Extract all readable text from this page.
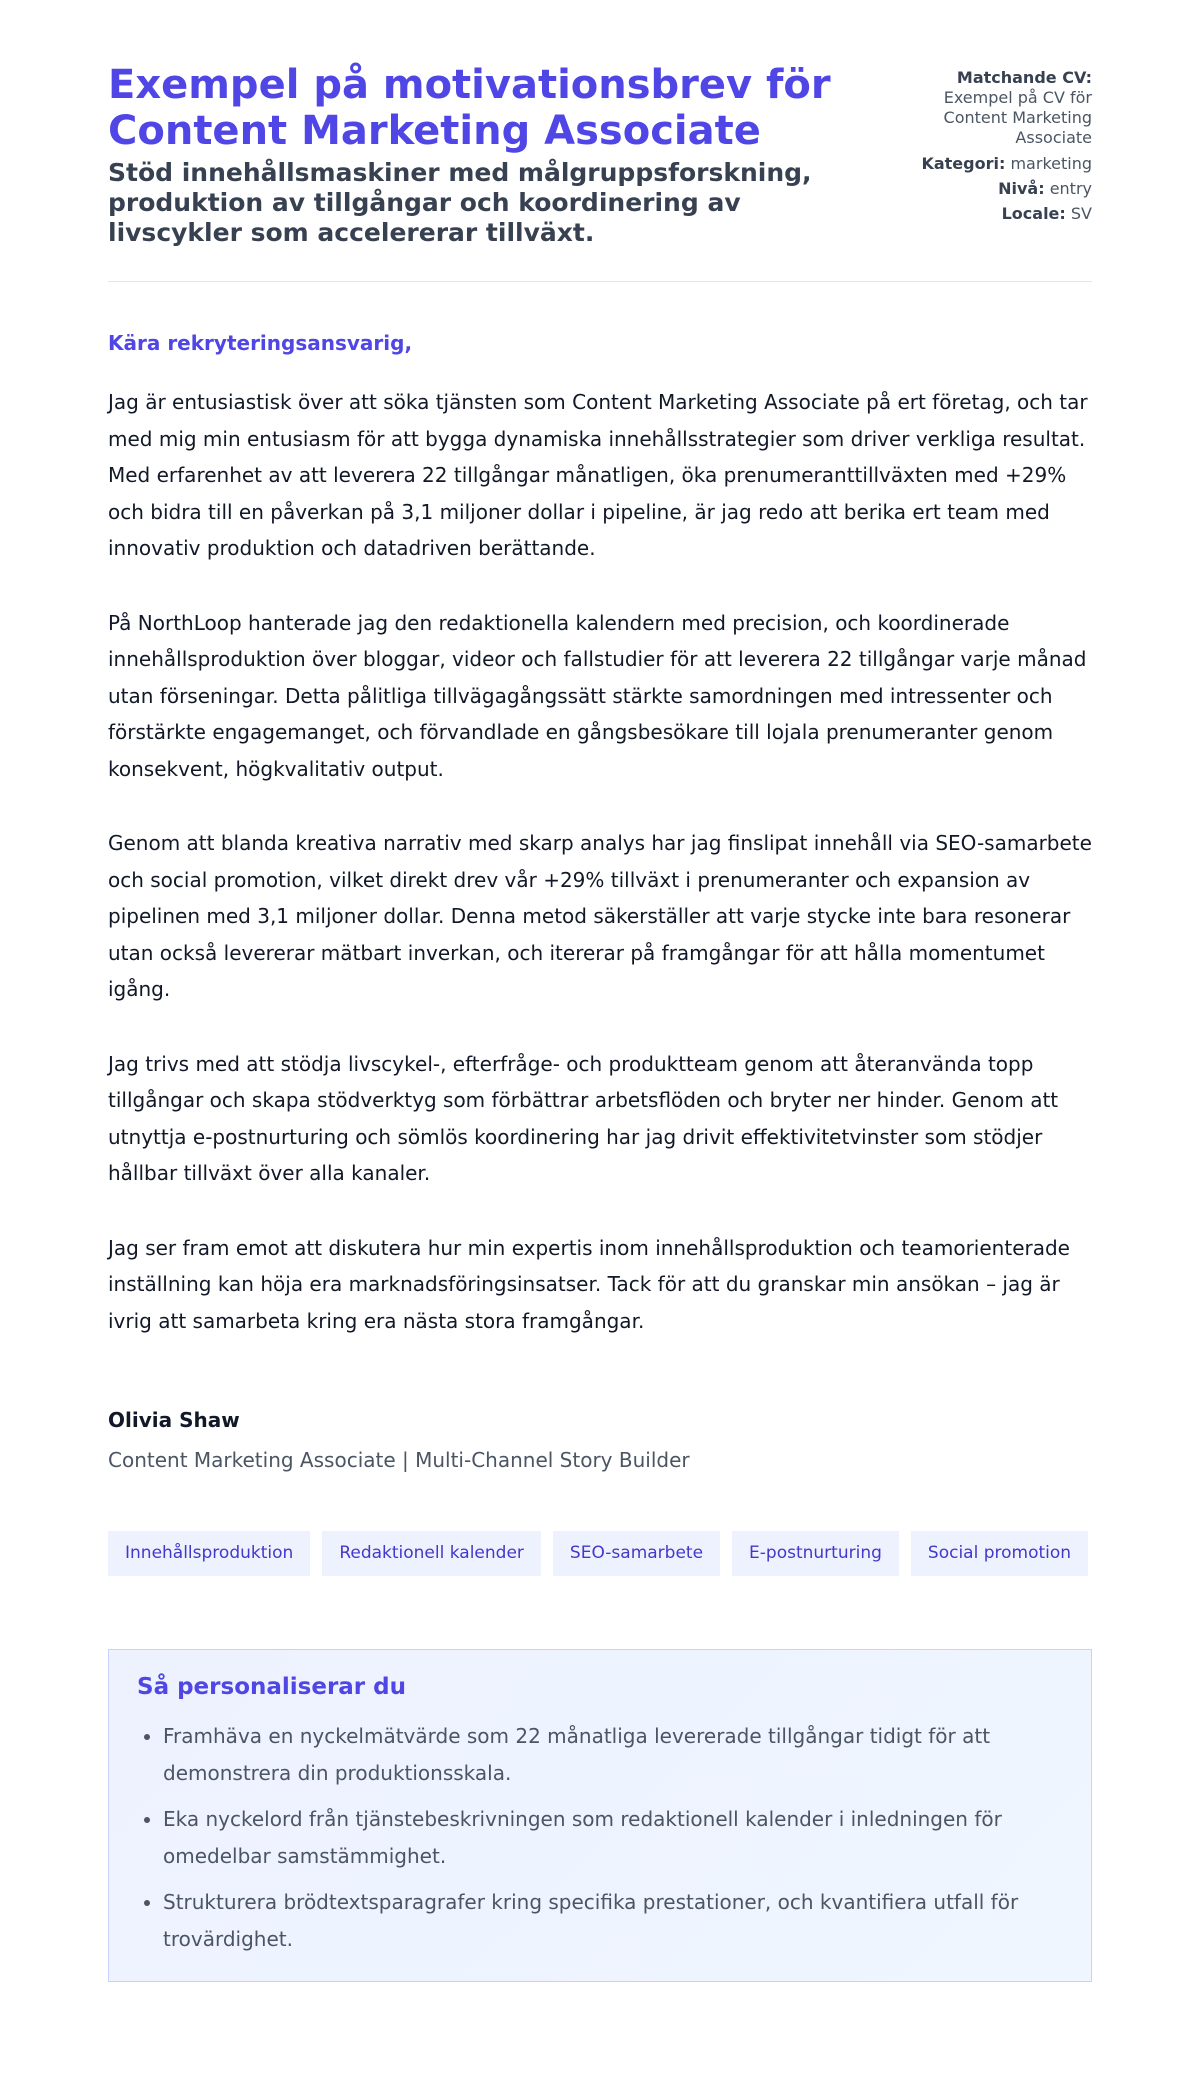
Exempel på motivationsbrev för Content Marketing Associate
Stöd innehållsmaskiner med målgruppsforskning, produktion av tillgångar och koordinering av livscykler som accelererar tillväxt.
Matchande CV:
Exempel på CV för Content Marketing Associate
Kategori: marketing
Nivå: entry
Locale: SV
Kära rekryteringsansvarig,

Jag är entusiastisk över att söka tjänsten som Content Marketing Associate på ert företag, och tar med mig min entusiasm för att bygga dynamiska innehållsstrategier som driver verkliga resultat. Med erfarenhet av att leverera 22 tillgångar månatligen, öka prenumeranttillväxten med +29% och bidra till en påverkan på 3,1 miljoner dollar i pipeline, är jag redo att berika ert team med innovativ produktion och datadriven berättande.

På NorthLoop hanterade jag den redaktionella kalendern med precision, och koordinerade innehållsproduktion över bloggar, videor och fallstudier för att leverera 22 tillgångar varje månad utan förseningar. Detta pålitliga tillvägagångssätt stärkte samordningen med intressenter och förstärkte engagemanget, och förvandlade en gångsbesökare till lojala prenumeranter genom konsekvent, högkvalitativ output.

Genom att blanda kreativa narrativ med skarp analys har jag finslipat innehåll via SEO-samarbete och social promotion, vilket direkt drev vår +29% tillväxt i prenumeranter och expansion av pipelinen med 3,1 miljoner dollar. Denna metod säkerställer att varje stycke inte bara resonerar utan också levererar mätbart inverkan, och itererar på framgångar för att hålla momentumet igång.

Jag trivs med att stödja livscykel-, efterfråge- och produktteam genom att återanvända topp tillgångar och skapa stödverktyg som förbättrar arbetsflöden och bryter ner hinder. Genom att utnyttja e-postnurturing och sömlös koordinering har jag drivit effektivitetvinster som stödjer hållbar tillväxt över alla kanaler.

Jag ser fram emot att diskutera hur min expertis inom innehållsproduktion och teamorienterade inställning kan höja era marknadsföringsinsatser. Tack för att du granskar min ansökan – jag är ivrig att samarbeta kring era nästa stora framgångar.

Olivia Shaw
Content Marketing Associate | Multi-Channel Story Builder
Innehållsproduktion	Redaktionell kalender	SEO-samarbete	E-postnurturing	Social promotion
Så personaliserar du
• Framhäva en nyckelmätvärde som 22 månatliga levererade tillgångar tidigt för att demonstrera din produktionsskala.
• Eka nyckelord från tjänstebeskrivningen som redaktionell kalender i inledningen för omedelbar samstämmighet.
• Strukturera brödtextsparagrafer kring specifika prestationer, och kvantifiera utfall för trovärdighet.
